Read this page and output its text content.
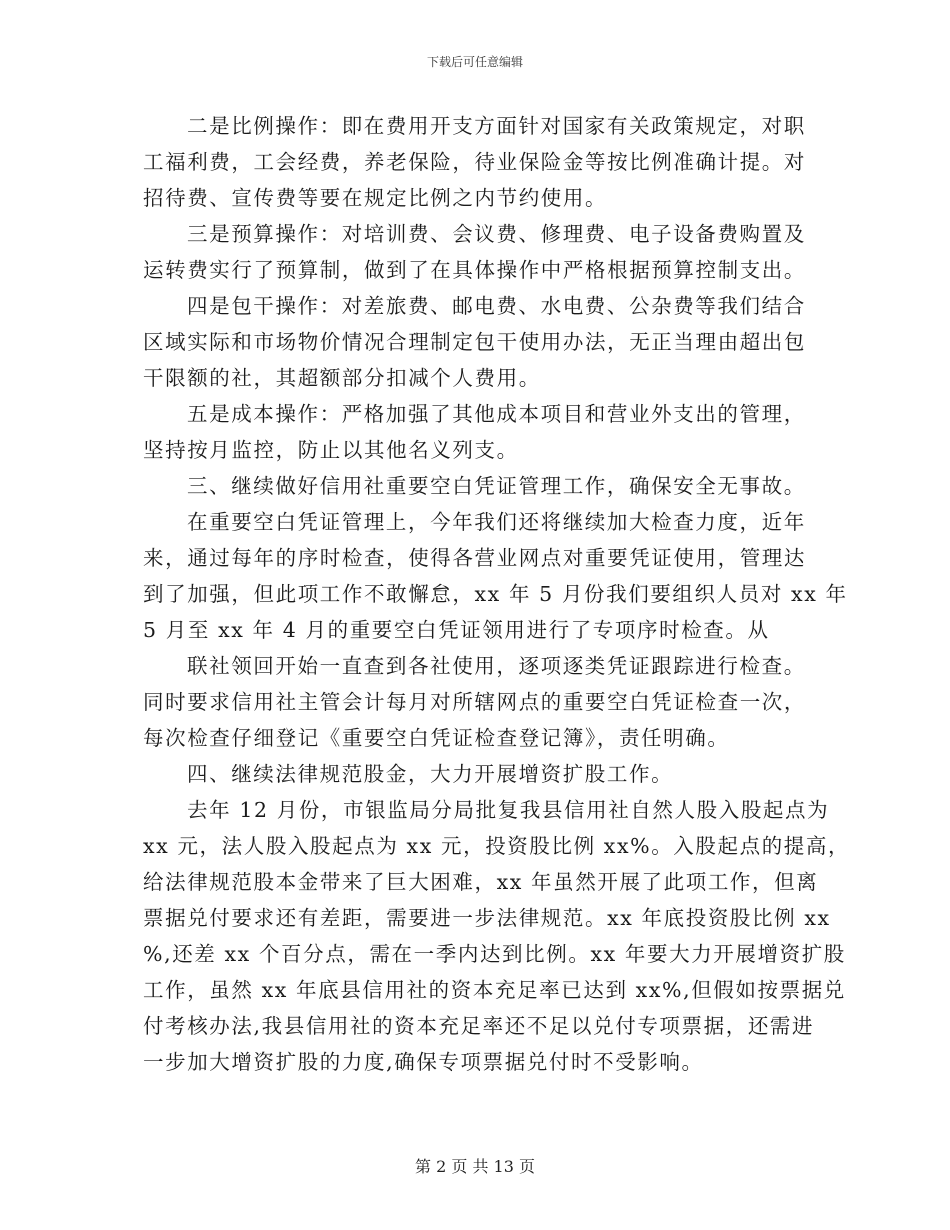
下载后可任意编辑
二是比例操作：即在费用开支方面针对国家有关政策规定，对职
工福利费，工会经费，养老保险，待业保险金等按比例准确计提。对
招待费、宣传费等要在规定比例之内节约使用。
三是预算操作：对培训费、会议费、修理费、电子设备费购置及
运转费实行了预算制，做到了在具体操作中严格根据预算控制支出。
四是包干操作：对差旅费、邮电费、水电费、公杂费等我们结合
区域实际和市场物价情况合理制定包干使用办法，无正当理由超出包
干限额的社，其超额部分扣减个人费用。
五是成本操作：严格加强了其他成本项目和营业外支出的管理，
坚持按月监控，防止以其他名义列支。
三、继续做好信用社重要空白凭证管理工作，确保安全无事故。
在重要空白凭证管理上，今年我们还将继续加大检查力度，近年
来，通过每年的序时检查，使得各营业网点对重要凭证使用，管理达
到了加强，但此项工作不敢懈怠，xx 年 5 月份我们要组织人员对 xx 年
5 月至 xx 年 4 月的重要空白凭证领用进行了专项序时检查。从
联社领回开始一直查到各社使用，逐项逐类凭证跟踪进行检查。
同时要求信用社主管会计每月对所辖网点的重要空白凭证检查一次，
每次检查仔细登记《重要空白凭证检查登记簿》，责任明确。
四、继续法律规范股金，大力开展增资扩股工作。
去年 12 月份，市银监局分局批复我县信用社自然人股入股起点为
xx 元，法人股入股起点为 xx 元，投资股比例 xx%。入股起点的提高，
给法律规范股本金带来了巨大困难，xx 年虽然开展了此项工作，但离
票据兑付要求还有差距，需要进一步法律规范。xx 年底投资股比例 xx
%,还差 xx 个百分点，需在一季内达到比例。xx 年要大力开展增资扩股
工作，虽然 xx 年底县信用社的资本充足率已达到 xx%,但假如按票据兑
付考核办法,我县信用社的资本充足率还不足以兑付专项票据，还需进
一步加大增资扩股的力度,确保专项票据兑付时不受影响。
第 2 页 共 13 页
